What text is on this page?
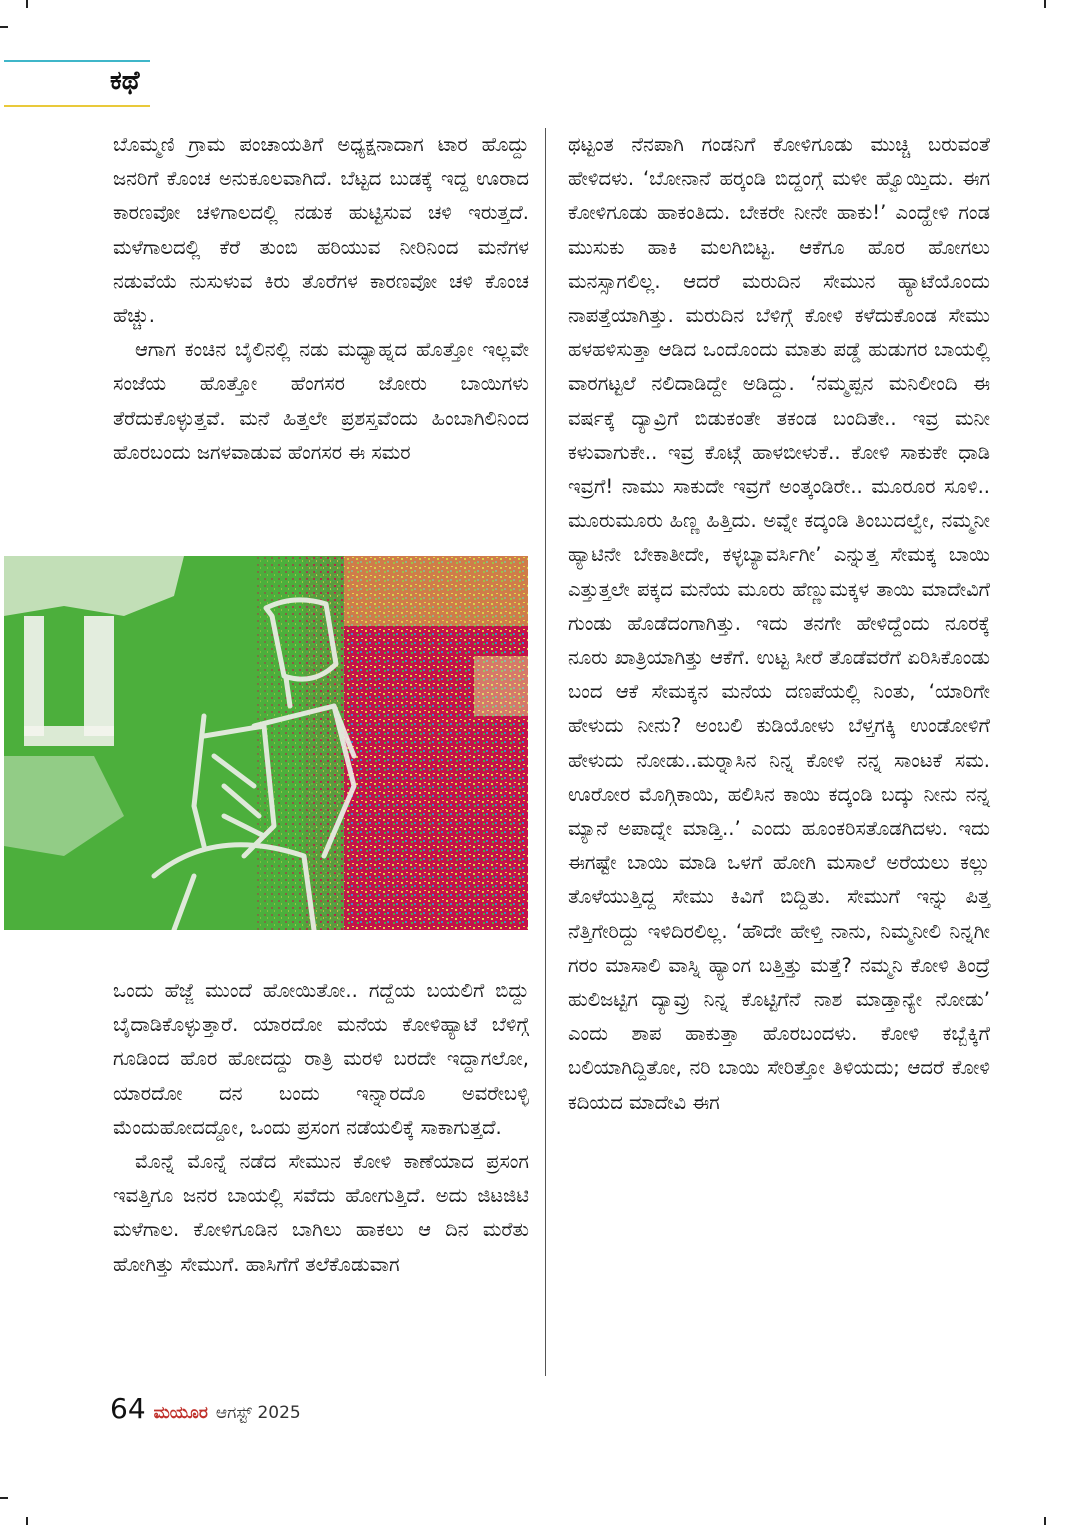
ಕಥೆ

ಬೊಮ್ಮಣಿ ಗ್ರಾಮ ಪಂಚಾಯತಿಗೆ ಅಧ್ಯಕ್ಷನಾದಾಗ ಟಾರ ಹೊದ್ದು ಜನರಿಗೆ ಕೊಂಚ ಅನುಕೂಲವಾಗಿದೆ. ಬೆಟ್ಟದ ಬುಡಕ್ಕೆ ಇದ್ದ ಊರಾದ ಕಾರಣವೋ ಚಳಿಗಾಲದಲ್ಲಿ ನಡುಕ ಹುಟ್ಟಿಸುವ ಚಳಿ ಇರುತ್ತದೆ. ಮಳೆಗಾಲದಲ್ಲಿ ಕೆರೆ ತುಂಬಿ ಹರಿಯುವ ನೀರಿನಿಂದ ಮನೆಗಳ ನಡುವೆಯೆ ನುಸುಳುವ ಕಿರು ತೊರೆಗಳ ಕಾರಣವೋ ಚಳಿ ಕೊಂಚ ಹೆಚ್ಚು.

ಆಗಾಗ ಕಂಚಿನ ಬೈಲಿನಲ್ಲಿ ನಡು ಮಧ್ಯಾಹ್ನದ ಹೊತ್ತೋ ಇಲ್ಲವೇ ಸಂಜೆಯ ಹೊತ್ತೋ ಹೆಂಗಸರ ಜೋರು ಬಾಯಿಗಳು ತೆರೆದುಕೊಳ್ಳುತ್ತವೆ. ಮನೆ ಹಿತ್ತಲೇ ಪ್ರಶಸ್ತವೆಂದು ಹಿಂಬಾಗಿಲಿನಿಂದ ಹೊರಬಂದು ಜಗಳವಾಡುವ ಹೆಂಗಸರ ಈ ಸಮರ

ಒಂದು ಹೆಜ್ಜೆ ಮುಂದೆ ಹೋಯಿತೋ.. ಗದ್ದೆಯ ಬಯಲಿಗೆ ಬಿದ್ದು ಬೈದಾಡಿಕೊಳ್ಳುತ್ತಾರೆ. ಯಾರದೋ ಮನೆಯ ಕೋಳಿಹ್ಯಾಟೆ ಬೆಳಿಗ್ಗೆ ಗೂಡಿಂದ ಹೊರ ಹೋದದ್ದು ರಾತ್ರಿ ಮರಳಿ ಬರದೇ ಇದ್ದಾಗಲೋ, ಯಾರದೋ ದನ ಬಂದು ಇನ್ನಾರದೊ ಅವರೇಬಳ್ಳಿ ಮೆಂದುಹೋದದ್ದೋ, ಒಂದು ಪ್ರಸಂಗ ನಡೆಯಲಿಕ್ಕೆ ಸಾಕಾಗುತ್ತದೆ.

ಮೊನ್ನೆ ಮೊನ್ನೆ ನಡೆದ ಸೇಮುನ ಕೋಳಿ ಕಾಣೆಯಾದ ಪ್ರಸಂಗ ಇವತ್ತಿಗೂ ಜನರ ಬಾಯಲ್ಲಿ ಸವೆದು ಹೋಗುತ್ತಿದೆ. ಅದು ಜಿಟಜಿಟಿ ಮಳೆಗಾಲ. ಕೋಳಿಗೂಡಿನ ಬಾಗಿಲು ಹಾಕಲು ಆ ದಿನ ಮರೆತು ಹೋಗಿತ್ತು ಸೇಮುಗೆ. ಹಾಸಿಗೆಗೆ ತಲೆಕೊಡುವಾಗ

ಥಟ್ಟಂತ ನೆನಪಾಗಿ ಗಂಡನಿಗೆ ಕೋಳಿಗೂಡು ಮುಚ್ಚಿ ಬರುವಂತೆ ಹೇಳಿದಳು. ‘ಬೋನಾನೆ ಹರ್‍ಕಂಡಿ ಬಿದ್ದಂಗ್ಗೆ ಮಳೀ ಹ್ವೊಯ್ತಿದು. ಈಗ ಕೋಳಿಗೂಡು ಹಾಕಂತಿದು. ಬೇಕರೇ ನೀನೇ ಹಾಕು!’ ಎಂದ್ಹೇಳಿ ಗಂಡ ಮುಸುಕು ಹಾಕಿ ಮಲಗಿಬಿಟ್ಟ. ಆಕೆಗೂ ಹೊರ ಹೋಗಲು ಮನಸ್ಸಾಗಲಿಲ್ಲ. ಆದರೆ ಮರುದಿನ ಸೇಮುನ ಹ್ಯಾಟೆಯೊಂದು ನಾಪತ್ತೆಯಾಗಿತ್ತು. ಮರುದಿನ ಬೆಳಿಗ್ಗೆ ಕೋಳಿ ಕಳೆದುಕೊಂಡ ಸೇಮು ಹಳಹಳಿಸುತ್ತಾ ಆಡಿದ ಒಂದೊಂದು ಮಾತು ಪಡ್ಡೆ ಹುಡುಗರ ಬಾಯಲ್ಲಿ ವಾರಗಟ್ಟಲೆ ನಲಿದಾಡಿದ್ದೇ ಅಡಿದ್ದು. ‘ನಮ್ಮಪ್ಪನ ಮನಿಲೀಂದಿ ಈ ವರ್ಷಕ್ಕೆ ದ್ಯಾವ್ರಿಗೆ ಬಿಡುಕಂತೇ ತಕಂಡ ಬಂದಿತೇ.. ಇವ್ರ ಮನೀ ಕಳುವಾಗುಕೇ.. ಇವ್ರ ಕೊಟ್ಗೆ ಹಾಳಬೀಳುಕೆ.. ಕೋಳಿ ಸಾಕುಕೇ ಧಾಡಿ ಇವ್ರಗೆ! ನಾಮು ಸಾಕುದೇ ಇವ್ರಗೆ ಅಂತ್ಕಂಡಿರೇ.. ಮೂರೂರ ಸೂಳಿ.. ಮೂರುಮೂರು ಹಿಣ್ಣ ಹಿತ್ತಿದು. ಅವ್ನೇ ಕದ್ಕಂಡಿ ತಿಂಬುದಲ್ವೇ, ನಮ್ಮನೀ ಹ್ಯಾಟಿನೇ ಬೇಕಾತೀದೇ, ಕಳ್ಳಬ್ಯಾವರ್ಸಿಗೀ’ ಎನ್ನುತ್ತ ಸೇಮಕ್ಕ ಬಾಯಿ ಎತ್ತುತ್ತಲೇ ಪಕ್ಕದ ಮನೆಯ ಮೂರು ಹೆಣ್ಣುಮಕ್ಕಳ ತಾಯಿ ಮಾದೇವಿಗೆ ಗುಂಡು ಹೊಡೆದಂಗಾಗಿತ್ತು. ಇದು ತನಗೇ ಹೇಳಿದ್ದೆಂದು ನೂರಕ್ಕೆ ನೂರು ಖಾತ್ರಿಯಾಗಿತ್ತು ಆಕೆಗೆ. ಉಟ್ಟ ಸೀರೆ ತೊಡೆವರೆಗೆ ಏರಿಸಿಕೊಂಡು ಬಂದ ಆಕೆ ಸೇಮಕ್ಕನ ಮನೆಯ ದಣಪೆಯಲ್ಲಿ ನಿಂತು, ‘ಯಾರಿಗೇ ಹೇಳುದು ನೀನು? ಅಂಬಲಿ ಕುಡಿಯೋಳು ಬೆಳ್ತಗಕ್ಕಿ ಉಂಡೋಳಿಗೆ ಹೇಳುದು ನೋಡು..ಮರ್‍ನಾಸಿನ ನಿನ್ನ ಕೋಳಿ ನನ್ನ ಸಾಂಟಕೆ ಸಮ. ಊರೋರ ಮೊಗ್ಗಿಕಾಯಿ, ಹಲಿಸಿನ ಕಾಯಿ ಕದ್ಕಂಡಿ ಬದ್ಕು ನೀನು ನನ್ನ ಮ್ಯಾನೆ ಅಪಾದ್ನೇ ಮಾಡ್ತಿ..’ ಎಂದು ಹೂಂಕರಿಸತೊಡಗಿದಳು. ಇದು ಈಗಷ್ಟೇ ಬಾಯಿ ಮಾಡಿ ಒಳಗೆ ಹೋಗಿ ಮಸಾಲೆ ಅರೆಯಲು ಕಲ್ಲು ತೊಳೆಯುತ್ತಿದ್ದ ಸೇಮು ಕಿವಿಗೆ ಬಿದ್ದಿತು. ಸೇಮುಗೆ ಇನ್ನು ಪಿತ್ತ ನೆತ್ತಿಗೇರಿದ್ದು ಇಳಿದಿರಲಿಲ್ಲ. ‘ಹೌದೇ ಹೇಳ್ತಿ ನಾನು, ನಿಮ್ಮನೀಲಿ ನಿನ್ನಗೀ ಗರಂ ಮಾಸಾಲಿ ವಾಸ್ನಿ ಹ್ಯಾಂಗ ಬತ್ತಿತ್ತು ಮತ್ತೆ? ನಮ್ಮನಿ ಕೋಳಿ ತಿಂದ್ರೆ ಹುಲಿಜಟ್ಟಿಗ ದ್ಯಾವ್ರು ನಿನ್ನ ಕೊಟ್ಟಿಗೆನೆ ನಾಶ ಮಾಡ್ತಾನ್ಯೇ ನೋಡು’ ಎಂದು ಶಾಪ ಹಾಕುತ್ತಾ ಹೊರಬಂದಳು. ಕೋಳಿ ಕಬ್ಬೆಕ್ಕಿಗೆ ಬಲಿಯಾಗಿದ್ದಿತೋ, ನರಿ ಬಾಯಿ ಸೇರಿತ್ತೋ ತಿಳಿಯದು; ಆದರೆ ಕೋಳಿ ಕದಿಯದ ಮಾದೇವಿ ಈಗ

64 ಮಯೂರ ಆಗಸ್ಟ್ 2025
